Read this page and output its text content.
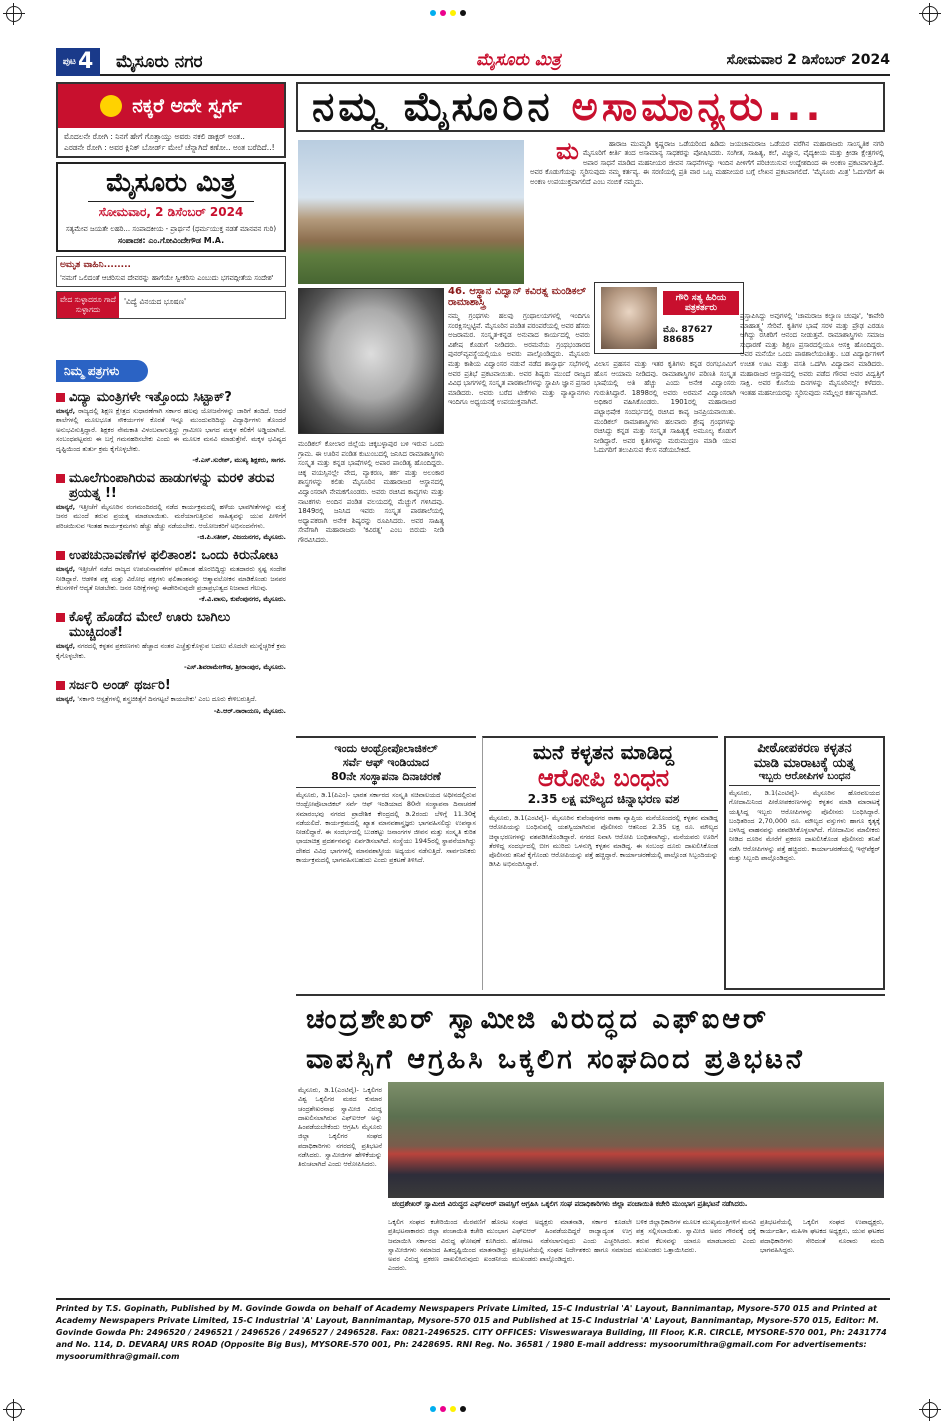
$^{ಪುಟ}$4	ಮೈಸೂರು ನಗರ	ಮೈಸೂರು ಮಿತ್ರ	ಸೋಮವಾರ 2 ಡಿಸೆಂಬರ್ 2024
ನಕ್ಕರೆ ಅದೇ ಸ್ವರ್ಗ
ಮೊದಲನೇ ರೋಗಿ : ನಿನಗೆ ಹೇಗೆ ಗೊತ್ತಾಯ್ತು ಅವರು ನಕಲಿ ಡಾಕ್ಟರ್ ಅಂತ..
ಎರಡನೇ ರೋಗಿ : ಅವರ ಕ್ಲಿನಿಕ್ ಬೋರ್ಡ್‌ ಮೇಲೆ ಚೆನ್ನಾಗಿದೆ ಕಣೋ.. ಅಂತ ಬರೆದಿದೆ..!
ಮೈಸೂರು ಮಿತ್ರ
ಸೋಮವಾರ, 2 ಡಿಸೆಂಬರ್ 2024
ಸತ್ಯಮೇವ ಜಯತೇ ಲಹರಿ... ಸಂಪಾದಕೀಯ - ಪ್ರಾರ್ಥನೆ (ಧರ್ಮಯುಕ್ತ ನಡತೆ ಮಾನವನ ಗುರಿ)
ಸಂಪಾದಕ: ಎಂ.ಗೋವಿಂದೇಗೌಡ M.A.
ಅಮೃತ ವಾಹಿನಿ........
'ನಮಗೆ ಒಲಿದಂತೆ ಆಚರಿಸುವ ದೇವರನ್ನು ಹಾಗೆಯೇ ಸ್ವೀಕರಿಸು ಎಂಬುದು ಭಗವದ್ಗೀತೆಯ ಸಂದೇಶ'
ವೇದ ಸುಳ್ಳಾದರೂ ಗಾದೆ ಸುಳ್ಳಾಗದು
'ವಿದ್ಯೆ ವಿನಯದ ಭೂಷಣ'
ನಿಮ್ಮ ಪತ್ರಗಳು
ವಿದ್ಯಾ ಮಂತ್ರಿಗಳೇ ಇತ್ತೊಂದು ಸಿಟ್ಟಾಕ್?
ಮಾನ್ಯರೆ, ರಾಜ್ಯದಲ್ಲಿ ಶಿಕ್ಷಣ ಕ್ಷೇತ್ರದ ಸುಧಾರಣೆಗಾಗಿ ಸರ್ಕಾರ ಹಲವು ಯೋಜನೆಗಳನ್ನು ಜಾರಿಗೆ ತಂದಿದೆ. ಆದರೆ ಶಾಲೆಗಳಲ್ಲಿ ಮೂಲಭೂತ ಸೌಕರ್ಯಗಳ ಕೊರತೆ ಇನ್ನೂ ಮುಂದುವರಿದಿದ್ದು ವಿದ್ಯಾರ್ಥಿಗಳು ತೊಂದರೆ ಅನುಭವಿಸುತ್ತಿದ್ದಾರೆ. ಶಿಕ್ಷಕರ ನೇಮಕಾತಿ ವಿಳಂಬವಾಗುತ್ತಿದ್ದು ಗ್ರಾಮೀಣ ಭಾಗದ ಮಕ್ಕಳ ಕಲಿಕೆಗೆ ಅಡ್ಡಿಯಾಗಿದೆ. ಸಂಬಂಧಪಟ್ಟವರು ಈ ಬಗ್ಗೆ ಗಮನಹರಿಸಬೇಕು ಎಂದು ಈ ಮೂಲಕ ಮನವಿ ಮಾಡುತ್ತೇನೆ. ಮಕ್ಕಳ ಭವಿಷ್ಯದ ದೃಷ್ಟಿಯಿಂದ ತುರ್ತು ಕ್ರಮ ಕೈಗೊಳ್ಳಬೇಕು.
-ಕೆ.ಎಸ್.ಸುರೇಶ್, ಮುಖ್ಯ ಶಿಕ್ಷಕರು, ಸಾಗರ.
ಮೂಲೆಗುಂಪಾಗಿರುವ ಹಾಡುಗಳನ್ನು ಮರಳಿ ತರುವ ಪ್ರಯತ್ನ !!
ಮಾನ್ಯರೆ, ಇತ್ತೀಚೆಗೆ ಮೈಸೂರಿನ ರಂಗಮಂದಿರದಲ್ಲಿ ನಡೆದ ಕಾರ್ಯಕ್ರಮದಲ್ಲಿ ಹಳೆಯ ಭಾವಗೀತೆಗಳನ್ನು ಮತ್ತೆ ಜನರ ಮುಂದೆ ತರುವ ಪ್ರಯತ್ನ ಮಾಡಲಾಯಿತು. ಮರೆಯಾಗುತ್ತಿರುವ ಸಾಹಿತ್ಯವನ್ನು ಯುವ ಪೀಳಿಗೆಗೆ ಪರಿಚಯಿಸುವ ಇಂತಹ ಕಾರ್ಯಕ್ರಮಗಳು ಹೆಚ್ಚು ಹೆಚ್ಚು ನಡೆಯಬೇಕು. ಆಯೋಜಕರಿಗೆ ಅಭಿನಂದನೆಗಳು.
-ಜಿ.ಪಿ.ಸತೀಶ್, ವಿಜಯನಗರ, ಮೈಸೂರು.
ಉಪಚುನಾವಣೆಗಳ ಫಲಿತಾಂಶ: ಒಂದು ಕಿರುನೋಟ
ಮಾನ್ಯರೆ, ಇತ್ತೀಚೆಗೆ ನಡೆದ ರಾಜ್ಯದ ಉಪಚುನಾವಣೆಗಳ ಫಲಿತಾಂಶ ಹೊರಬಿದ್ದಿದ್ದು ಮತದಾರರು ಸ್ಪಷ್ಟ ಸಂದೇಶ ನೀಡಿದ್ದಾರೆ. ಆಡಳಿತ ಪಕ್ಷ ಮತ್ತು ವಿರೋಧ ಪಕ್ಷಗಳು ಫಲಿತಾಂಶವನ್ನು ಆತ್ಮಾವಲೋಕನ ಮಾಡಿಕೊಂಡು ಜನಪರ ಕೆಲಸಗಳಿಗೆ ಆದ್ಯತೆ ನೀಡಬೇಕು. ಜನರ ನಿರೀಕ್ಷೆಗಳನ್ನು ಈಡೇರಿಸುವುದೇ ಪ್ರಜಾಪ್ರಭುತ್ವದ ನಿಜವಾದ ಗೆಲುವು.
-ಕೆ.ವಿ.ವಾಸು, ಕುವೆಂಪುನಗರ, ಮೈಸೂರು.
ಕೊಳ್ಳೆ ಹೊಡೆದ ಮೇಲೆ ಊರು ಬಾಗಿಲು ಮುಚ್ಚಿದಂತೆ!
ಮಾನ್ಯರೆ, ನಗರದಲ್ಲಿ ಕಳ್ಳತನ ಪ್ರಕರಣಗಳು ಹೆಚ್ಚಾದ ನಂತರ ಎಚ್ಚೆತ್ತುಕೊಳ್ಳುವ ಬದಲು ಮೊದಲೇ ಮುನ್ನೆಚ್ಚರಿಕೆ ಕ್ರಮ ಕೈಗೊಳ್ಳಬೇಕು.
-ಎಸ್.ಶಿವರಾಮೇಗೌಡ, ಶ್ರೀರಾಂಪುರ, ಮೈಸೂರು.
ಸರ್ಜರಿ ಅಂಡ್ ಥರ್ಜರಿ!
ಮಾನ್ಯರೆ, 'ಸರ್ಕಾರಿ ಆಸ್ಪತ್ರೆಗಳಲ್ಲಿ ಶಸ್ತ್ರಚಿಕಿತ್ಸೆಗೆ ದಿನಗಟ್ಟಲೆ ಕಾಯಬೇಕು' ಎಂಬ ದೂರು ಕೇಳಿಬರುತ್ತಿದೆ.
-ಪಿ.ಆರ್.ನಾರಾಯಣ, ಮೈಸೂರು.
ನಮ್ಮ ಮೈಸೂರಿನ ಅಸಾಮಾನ್ಯರು...
ಮ	ಹಾರಾಜ ಮುಮ್ಮಡಿ ಕೃಷ್ಣರಾಜ ಒಡೆಯರಿಂದ ಹಿಡಿದು ಜಯಚಾಮರಾಜ ಒಡೆಯರ ವರೆಗಿನ ಮಹಾರಾಜರು ಸಾಂಸ್ಕೃತಿಕ ನಗರಿ ಮೈಸೂರಿಗೆ ಕೀರ್ತಿ ತಂದ ಅಸಾಮಾನ್ಯ ಸಾಧಕರನ್ನು ಪೋಷಿಸಿದರು. ಸಂಗೀತ, ಸಾಹಿತ್ಯ, ಕಲೆ, ವಿಜ್ಞಾನ, ವೈದ್ಯಕೀಯ ಮತ್ತು ಕ್ರೀಡಾ ಕ್ಷೇತ್ರಗಳಲ್ಲಿ ಅಪಾರ ಸಾಧನೆ ಮಾಡಿದ ಮಹನೀಯರ ಜೀವನ ಸಾಧನೆಗಳನ್ನು ಇಂದಿನ ಪೀಳಿಗೆಗೆ ಪರಿಚಯಿಸುವ ಉದ್ದೇಶದಿಂದ ಈ ಅಂಕಣ ಪ್ರಕಟವಾಗುತ್ತಿದೆ. ಅವರ ಕೊಡುಗೆಯನ್ನು ಸ್ಮರಿಸುವುದು ನಮ್ಮ ಕರ್ತವ್ಯ. ಈ ಸರಣಿಯಲ್ಲಿ ಪ್ರತಿ ವಾರ ಒಬ್ಬ ಮಹನೀಯರ ಬಗ್ಗೆ ಲೇಖನ ಪ್ರಕಟವಾಗಲಿದೆ. 'ಮೈಸೂರು ಮಿತ್ರ' ಓದುಗರಿಗೆ ಈ ಅಂಕಣ ಉಪಯುಕ್ತವಾಗಲಿದೆ ಎಂಬ ನಂಬಿಕೆ ನಮ್ಮದು.
46. ಆಸ್ಥಾನ ವಿದ್ವಾನ್ ಕವಿರತ್ನ ಮಂಡಿಕಲ್ ರಾಮಾಶಾಸ್ತ್ರಿ	ಗೌರಿ ಸತ್ಯ ಹಿರಿಯ ಪತ್ರಕರ್ತರು
ಮೊ. 87627 88685
ಮಂಡಿಕಲ್ ಕೋಲಾರ ಜಿಲ್ಲೆಯ ಚಿಕ್ಕಬಳ್ಳಾಪುರ ಬಳಿ ಇರುವ ಒಂದು ಗ್ರಾಮ. ಈ ಊರಿನ ಪಂಡಿತ ಕುಟುಂಬದಲ್ಲಿ ಜನಿಸಿದ ರಾಮಾಶಾಸ್ತ್ರಿಗಳು ಸಂಸ್ಕೃತ ಮತ್ತು ಕನ್ನಡ ಭಾಷೆಗಳಲ್ಲಿ ಅಪಾರ ಪಾಂಡಿತ್ಯ ಹೊಂದಿದ್ದರು. ಚಿಕ್ಕ ವಯಸ್ಸಿನಲ್ಲೇ ವೇದ, ವ್ಯಾಕರಣ, ತರ್ಕ ಮತ್ತು ಅಲಂಕಾರ ಶಾಸ್ತ್ರಗಳನ್ನು ಕಲಿತು ಮೈಸೂರಿನ ಮಹಾರಾಜರ ಆಸ್ಥಾನದಲ್ಲಿ ವಿದ್ವಾಂಸರಾಗಿ ನೇಮಕಗೊಂಡರು. ಅವರು ರಚಿಸಿದ ಕಾವ್ಯಗಳು ಮತ್ತು ನಾಟಕಗಳು ಅಂದಿನ ಪಂಡಿತ ವಲಯದಲ್ಲಿ ಮೆಚ್ಚುಗೆ ಗಳಿಸಿದವು. 1849ರಲ್ಲಿ ಜನಿಸಿದ ಇವರು ಸಂಸ್ಕೃತ ಪಾಠಶಾಲೆಯಲ್ಲಿ ಅಧ್ಯಾಪಕರಾಗಿ ಅನೇಕ ಶಿಷ್ಯರನ್ನು ರೂಪಿಸಿದರು. ಅವರ ಸಾಹಿತ್ಯ ಸೇವೆಗಾಗಿ ಮಹಾರಾಜರು 'ಕವಿರತ್ನ' ಎಂಬ ಬಿರುದು ನೀಡಿ ಗೌರವಿಸಿದರು.
ನಮ್ಮ ಗ್ರಂಥಗಳು ಹಲವು ಗ್ರಂಥಾಲಯಗಳಲ್ಲಿ ಇಂದಿಗೂ ಸಂರಕ್ಷಿಸಲ್ಪಟ್ಟಿವೆ. ಮೈಸೂರಿನ ಪಂಡಿತ ಪರಂಪರೆಯಲ್ಲಿ ಅವರ ಹೆಸರು ಅಜರಾಮರ. ಸಂಸ್ಕೃತ-ಕನ್ನಡ ಅನುವಾದ ಕಾರ್ಯದಲ್ಲಿ ಅವರು ವಿಶೇಷ ಕೊಡುಗೆ ನೀಡಿದರು. ಅರಮನೆಯ ಗ್ರಂಥಭಂಡಾರದ ಪುನರ್‌ವ್ಯವಸ್ಥೆಯಲ್ಲಿಯೂ ಅವರು ಪಾಲ್ಗೊಂಡಿದ್ದರು. ಮೈಸೂರು ಮತ್ತು ಕಾಶಿಯ ವಿದ್ವಾಂಸರ ನಡುವೆ ನಡೆದ ಶಾಸ್ತ್ರಾರ್ಥ ಸಭೆಗಳಲ್ಲಿ ಅವರ ಪ್ರತಿಭೆ ಪ್ರಕಟವಾಯಿತು. ಅವರ ಶಿಷ್ಯರು ಮುಂದೆ ರಾಜ್ಯದ ವಿವಿಧ ಭಾಗಗಳಲ್ಲಿ ಸಂಸ್ಕೃತ ಪಾಠಶಾಲೆಗಳನ್ನು ಸ್ಥಾಪಿಸಿ ಜ್ಞಾನ ಪ್ರಸಾರ ಮಾಡಿದರು. ಅವರು ಬರೆದ ಟೀಕೆಗಳು ಮತ್ತು ವ್ಯಾಖ್ಯಾನಗಳು ಇಂದಿಗೂ ಅಧ್ಯಯನಕ್ಕೆ ಉಪಯುಕ್ತವಾಗಿವೆ.
ವಿಲಾಸ ಪ್ರಹಸನ ಮತ್ತು ಇತರ ಕೃತಿಗಳು ಕನ್ನಡ ರಂಗಭೂಮಿಗೆ ಹೊಸ ಆಯಾಮ ನೀಡಿದವು. ರಾಮಾಶಾಸ್ತ್ರಿಗಳ ಪರಿಣತಿ ಸಂಸ್ಕೃತ ಭಾಷೆಯಲ್ಲಿ ಅತಿ ಹೆಚ್ಚು ಎಂದು ಅನೇಕ ವಿದ್ವಾಂಸರು ಗುರುತಿಸಿದ್ದಾರೆ. 1898ರಲ್ಲಿ ಅವರು ಅರಮನೆ ವಿದ್ವಾಂಸರಾಗಿ ಅಧಿಕಾರ ವಹಿಸಿಕೊಂಡರು. 1901ರಲ್ಲಿ ಮಹಾರಾಜರ ಪಟ್ಟಾಭಿಷೇಕ ಸಂದರ್ಭದಲ್ಲಿ ರಚಿಸಿದ ಕಾವ್ಯ ಜನಪ್ರಿಯವಾಯಿತು. ಮಂಡಿಕಲ್ ರಾಮಾಶಾಸ್ತ್ರಿಗಳು ಹಲವಾರು ಶ್ರೇಷ್ಠ ಗ್ರಂಥಗಳನ್ನು ರಚಿಸಿದ್ದು ಕನ್ನಡ ಮತ್ತು ಸಂಸ್ಕೃತ ಸಾಹಿತ್ಯಕ್ಕೆ ಅಮೂಲ್ಯ ಕೊಡುಗೆ ನೀಡಿದ್ದಾರೆ. ಅವರ ಕೃತಿಗಳನ್ನು ಮರುಮುದ್ರಣ ಮಾಡಿ ಯುವ ಓದುಗರಿಗೆ ತಲುಪಿಸುವ ಕೆಲಸ ನಡೆಯಬೇಕಿದೆ.
ಪ್ರಸ್ತಾಪಿಸಿದ್ದು ಅವುಗಳಲ್ಲಿ 'ಚಾಮರಾಜ ಕಲ್ಯಾಣ ಚಂಪೂ', 'ಕಾವೇರಿ ಮಾಹಾತ್ಮ್ಯ' ಸೇರಿವೆ. ಕೃತಿಗಳ ಭಾಷೆ ಸರಳ ಮತ್ತು ಪ್ರೌಢ ಎರಡೂ ಆಗಿದ್ದು ರಸಿಕರಿಗೆ ಆನಂದ ನೀಡುತ್ತವೆ. ರಾಮಾಶಾಸ್ತ್ರಿಗಳು ಸಮಾಜ ಸುಧಾರಣೆ ಮತ್ತು ಶಿಕ್ಷಣ ಪ್ರಸಾರದಲ್ಲಿಯೂ ಆಸಕ್ತಿ ಹೊಂದಿದ್ದರು. ಅವರ ಮನೆಯೇ ಒಂದು ಪಾಠಶಾಲೆಯಂತಿತ್ತು. ಬಡ ವಿದ್ಯಾರ್ಥಿಗಳಿಗೆ ಉಚಿತ ಊಟ ಮತ್ತು ವಸತಿ ಒದಗಿಸಿ ವಿದ್ಯಾದಾನ ಮಾಡಿದರು. ಮಹಾರಾಜರ ಆಸ್ಥಾನದಲ್ಲಿ ಅವರು ಪಡೆದ ಗೌರವ ಅವರ ವಿದ್ವತ್ತಿಗೆ ಸಾಕ್ಷಿ. ಅವರ ಕೊನೆಯ ದಿನಗಳನ್ನು ಮೈಸೂರಿನಲ್ಲೇ ಕಳೆದರು. ಇಂತಹ ಮಹನೀಯರನ್ನು ಸ್ಮರಿಸುವುದು ನಮ್ಮೆಲ್ಲರ ಕರ್ತವ್ಯವಾಗಿದೆ.
ಇಂದು ಆಂಥ್ರೋಪೊಲಾಜಿಕಲ್
ಸರ್ವೆ ಆಫ್ ಇಂಡಿಯಾದ
80ನೇ ಸಂಸ್ಥಾಪನಾ ದಿನಾಚರಣೆ
ಮೈಸೂರು, ಡಿ.1(ಪಿಎಂ)- ಭಾರತ ಸರ್ಕಾರದ ಸಂಸ್ಕೃತಿ ಸಚಿವಾಲಯದ ಅಧೀನದಲ್ಲಿರುವ ಆಂಥ್ರೋಪೊಲಾಜಿಕಲ್ ಸರ್ವೆ ಆಫ್ ಇಂಡಿಯಾದ 80ನೇ ಸಂಸ್ಥಾಪನಾ ದಿನಾಚರಣೆ ಸಮಾರಂಭವು ನಗರದ ಪ್ರಾದೇಶಿಕ ಕೇಂದ್ರದಲ್ಲಿ ಡಿ.2ರಂದು ಬೆಳಿಗ್ಗೆ 11.30ಕ್ಕೆ ನಡೆಯಲಿದೆ. ಕಾರ್ಯಕ್ರಮದಲ್ಲಿ ಖ್ಯಾತ ಮಾನವಶಾಸ್ತ್ರಜ್ಞರು ಭಾಗವಹಿಸಲಿದ್ದು ಉಪನ್ಯಾಸ ನೀಡಲಿದ್ದಾರೆ. ಈ ಸಂದರ್ಭದಲ್ಲಿ ಬುಡಕಟ್ಟು ಜನಾಂಗಗಳ ಜೀವನ ಮತ್ತು ಸಂಸ್ಕೃತಿ ಕುರಿತ ಛಾಯಾಚಿತ್ರ ಪ್ರದರ್ಶನವನ್ನು ಏರ್ಪಡಿಸಲಾಗಿದೆ. ಸಂಸ್ಥೆಯು 1945ರಲ್ಲಿ ಸ್ಥಾಪನೆಯಾಗಿದ್ದು ದೇಶದ ವಿವಿಧ ಭಾಗಗಳಲ್ಲಿ ಮಾನವಶಾಸ್ತ್ರೀಯ ಅಧ್ಯಯನ ನಡೆಸುತ್ತಿದೆ. ಸಾರ್ವಜನಿಕರು ಕಾರ್ಯಕ್ರಮದಲ್ಲಿ ಭಾಗವಹಿಸಬಹುದು ಎಂದು ಪ್ರಕಟಣೆ ತಿಳಿಸಿದೆ.
ಮನೆ ಕಳ್ಳತನ ಮಾಡಿದ್ದ
ಆರೋಪಿ ಬಂಧನ
2.35 ಲಕ್ಷ ಮೌಲ್ಯದ ಚಿನ್ನಾಭರಣ ವಶ
ಮೈಸೂರು, ಡಿ.1(ಎಂಟಿವೈ)- ಮೈಸೂರಿನ ಕುವೆಂಪುನಗರ ಠಾಣಾ ವ್ಯಾಪ್ತಿಯ ಮನೆಯೊಂದರಲ್ಲಿ ಕಳ್ಳತನ ಮಾಡಿದ್ದ ಆರೋಪಿಯನ್ನು ಬಂಧಿಸುವಲ್ಲಿ ಯಶಸ್ವಿಯಾಗಿರುವ ಪೊಲೀಸರು ಆತನಿಂದ 2.35 ಲಕ್ಷ ರೂ. ಮೌಲ್ಯದ ಚಿನ್ನಾಭರಣಗಳನ್ನು ವಶಪಡಿಸಿಕೊಂಡಿದ್ದಾರೆ. ನಗರದ ನಿವಾಸಿ ಆರೋಪಿ ಬಂಧಿತನಾಗಿದ್ದು, ಮನೆಯವರು ಊರಿಗೆ ತೆರಳಿದ್ದ ಸಂದರ್ಭದಲ್ಲಿ ಬೀಗ ಮುರಿದು ಒಳನುಗ್ಗಿ ಕಳ್ಳತನ ಮಾಡಿದ್ದ. ಈ ಸಂಬಂಧ ದೂರು ದಾಖಲಿಸಿಕೊಂಡ ಪೊಲೀಸರು ತನಿಖೆ ಕೈಗೊಂಡು ಆರೋಪಿಯನ್ನು ಪತ್ತೆ ಹಚ್ಚಿದ್ದಾರೆ. ಕಾರ್ಯಾಚರಣೆಯಲ್ಲಿ ಪಾಲ್ಗೊಂಡ ಸಿಬ್ಬಂದಿಯನ್ನು ಡಿಸಿಪಿ ಅಭಿನಂದಿಸಿದ್ದಾರೆ.
ಪೀಠೋಪಕರಣ ಕಳ್ಳತನ
ಮಾಡಿ ಮಾರಾಟಕ್ಕೆ ಯತ್ನ
ಇಬ್ಬರು ಆರೋಪಿಗಳ ಬಂಧನ
ಮೈಸೂರು, ಡಿ.1(ಎಂಟಿವೈ)- ಮೈಸೂರಿನ ಹೊರವಲಯದ ಗೋದಾಮಿನಿಂದ ಪೀಠೋಪಕರಣಗಳನ್ನು ಕಳ್ಳತನ ಮಾಡಿ ಮಾರಾಟಕ್ಕೆ ಯತ್ನಿಸಿದ್ದ ಇಬ್ಬರು ಆರೋಪಿಗಳನ್ನು ಪೊಲೀಸರು ಬಂಧಿಸಿದ್ದಾರೆ. ಬಂಧಿತರಿಂದ 2,70,000 ರೂ. ಮೌಲ್ಯದ ವಸ್ತುಗಳು ಹಾಗೂ ಕೃತ್ಯಕ್ಕೆ ಬಳಸಿದ್ದ ವಾಹನವನ್ನು ವಶಪಡಿಸಿಕೊಳ್ಳಲಾಗಿದೆ. ಗೋದಾಮಿನ ಮಾಲೀಕರು ನೀಡಿದ ದೂರಿನ ಮೇರೆಗೆ ಪ್ರಕರಣ ದಾಖಲಿಸಿಕೊಂಡ ಪೊಲೀಸರು ತನಿಖೆ ನಡೆಸಿ ಆರೋಪಿಗಳನ್ನು ಪತ್ತೆ ಹಚ್ಚಿದರು. ಕಾರ್ಯಾಚರಣೆಯಲ್ಲಿ ಇನ್ಸ್‌ಪೆಕ್ಟರ್ ಮತ್ತು ಸಿಬ್ಬಂದಿ ಪಾಲ್ಗೊಂಡಿದ್ದರು.
ಚಂದ್ರಶೇಖರ್ ಸ್ವಾಮೀಜಿ ವಿರುದ್ಧದ ಎಫ್‌ಐಆರ್
ವಾಪಸ್ಸಿಗೆ ಆಗ್ರಹಿಸಿ ಒಕ್ಕಲಿಗ ಸಂಘದಿಂದ ಪ್ರತಿಭಟನೆ
ಮೈಸೂರು, ಡಿ.1(ಎಂಟಿವೈ)- ಒಕ್ಕಲಿಗರ ವಿಶ್ವ ಒಕ್ಕಲಿಗರ ಮಠದ ಕುಮಾರ ಚಂದ್ರಶೇಖರನಾಥ ಸ್ವಾಮೀಜಿ ವಿರುದ್ಧ ದಾಖಲಿಸಲಾಗಿರುವ ಎಫ್‌ಐಆರ್ ಅನ್ನು ಹಿಂಪಡೆಯಬೇಕೆಂದು ಆಗ್ರಹಿಸಿ ಮೈಸೂರು ಜಿಲ್ಲಾ ಒಕ್ಕಲಿಗರ ಸಂಘದ ಪದಾಧಿಕಾರಿಗಳು ನಗರದಲ್ಲಿ ಪ್ರತಿಭಟನೆ ನಡೆಸಿದರು. ಸ್ವಾಮೀಜಿಗಳ ಹೇಳಿಕೆಯನ್ನು ತಿರುಚಲಾಗಿದೆ ಎಂದು ಆರೋಪಿಸಿದರು.
ಚಂದ್ರಶೇಖರ್ ಸ್ವಾಮೀಜಿ ವಿರುದ್ಧದ ಎಫ್‌ಐಆರ್ ವಾಪಸ್ಸಿಗೆ ಆಗ್ರಹಿಸಿ ಒಕ್ಕಲಿಗ ಸಂಘ ಪದಾಧಿಕಾರಿಗಳು ಜಿಲ್ಲಾ ಪಂಚಾಯಿತಿ ಕಚೇರಿ ಮುಂಭಾಗ ಪ್ರತಿಭಟನೆ ನಡೆಸಿದರು.
ಒಕ್ಕಲಿಗ ಸಂಘದ ಕಚೇರಿಯಿಂದ ಮೆರವಣಿಗೆ ಹೊರಟ ಪ್ರತಿಭಟನಾಕಾರರು ಜಿಲ್ಲಾ ಪಂಚಾಯಿತಿ ಕಚೇರಿ ಮುಂಭಾಗ ಜಮಾಯಿಸಿ ಸರ್ಕಾರದ ವಿರುದ್ಧ ಘೋಷಣೆ ಕೂಗಿದರು. ಸ್ವಾಮೀಜಿಗಳು ಸಮಾಜದ ಹಿತದೃಷ್ಟಿಯಿಂದ ಮಾತನಾಡಿದ್ದು ಅವರ ವಿರುದ್ಧ ಪ್ರಕರಣ ದಾಖಲಿಸಿರುವುದು ಖಂಡನೀಯ ಎಂದರು.
ಸಂಘದ ಅಧ್ಯಕ್ಷರು ಮಾತನಾಡಿ, ಸರ್ಕಾರ ಕೂಡಲೇ ಎಫ್‌ಐಆರ್ ಹಿಂಪಡೆಯದಿದ್ದರೆ ರಾಜ್ಯಾದ್ಯಂತ ಉಗ್ರ ಹೋರಾಟ ನಡೆಸಲಾಗುವುದು ಎಂದು ಎಚ್ಚರಿಸಿದರು. ಪ್ರತಿಭಟನೆಯಲ್ಲಿ ಸಂಘದ ನಿರ್ದೇಶಕರು ಹಾಗೂ ಸಮಾಜದ ಮುಖಂಡರು ಪಾಲ್ಗೊಂಡಿದ್ದರು.
ಬಳಿಕ ಜಿಲ್ಲಾಧಿಕಾರಿಗಳ ಮೂಲಕ ಮುಖ್ಯಮಂತ್ರಿಗಳಿಗೆ ಮನವಿ ಪತ್ರ ಸಲ್ಲಿಸಲಾಯಿತು. ಸ್ವಾಮೀಜಿ ಅವರ ಗೌರವಕ್ಕೆ ಧಕ್ಕೆ ತರುವ ಕೆಲಸವನ್ನು ಯಾರೂ ಮಾಡಬಾರದು ಎಂದು ಮುಖಂಡರು ಒತ್ತಾಯಿಸಿದರು.
ಪ್ರತಿಭಟನೆಯಲ್ಲಿ ಒಕ್ಕಲಿಗ ಸಂಘದ ಉಪಾಧ್ಯಕ್ಷರು, ಕಾರ್ಯದರ್ಶಿ, ಮಹಿಳಾ ಘಟಕದ ಅಧ್ಯಕ್ಷರು, ಯುವ ಘಟಕದ ಪದಾಧಿಕಾರಿಗಳು ಸೇರಿದಂತೆ ನೂರಾರು ಮಂದಿ ಭಾಗವಹಿಸಿದ್ದರು.
Printed by T.S. Gopinath, Published by M. Govinde Gowda on behalf of Academy Newspapers Private Limited, 15-C Industrial 'A' Layout, Bannimantap, Mysore-570 015 and Printed at Academy Newspapers Private Limited, 15-C Industrial 'A' Layout, Bannimantap, Mysore-570 015 and Published at 15-C Industrial 'A' Layout, Bannimantap, Mysore-570 015, Editor: M. Govinde Gowda Ph: 2496520 / 2496521 / 2496526 / 2496527 / 2496528. Fax: 0821-2496525. CITY OFFICES: Visweswaraya Building, III Floor, K.R. CIRCLE, MYSORE-570 001, Ph: 2431774 and No. 114, D. DEVARAJ URS ROAD (Opposite Big Bus), MYSORE-570 001, Ph: 2428695. RNI Reg. No. 36581 / 1980 E-mail address: mysoorumithra@gmail.com For advertisements: mysoorumithra@gmail.com
